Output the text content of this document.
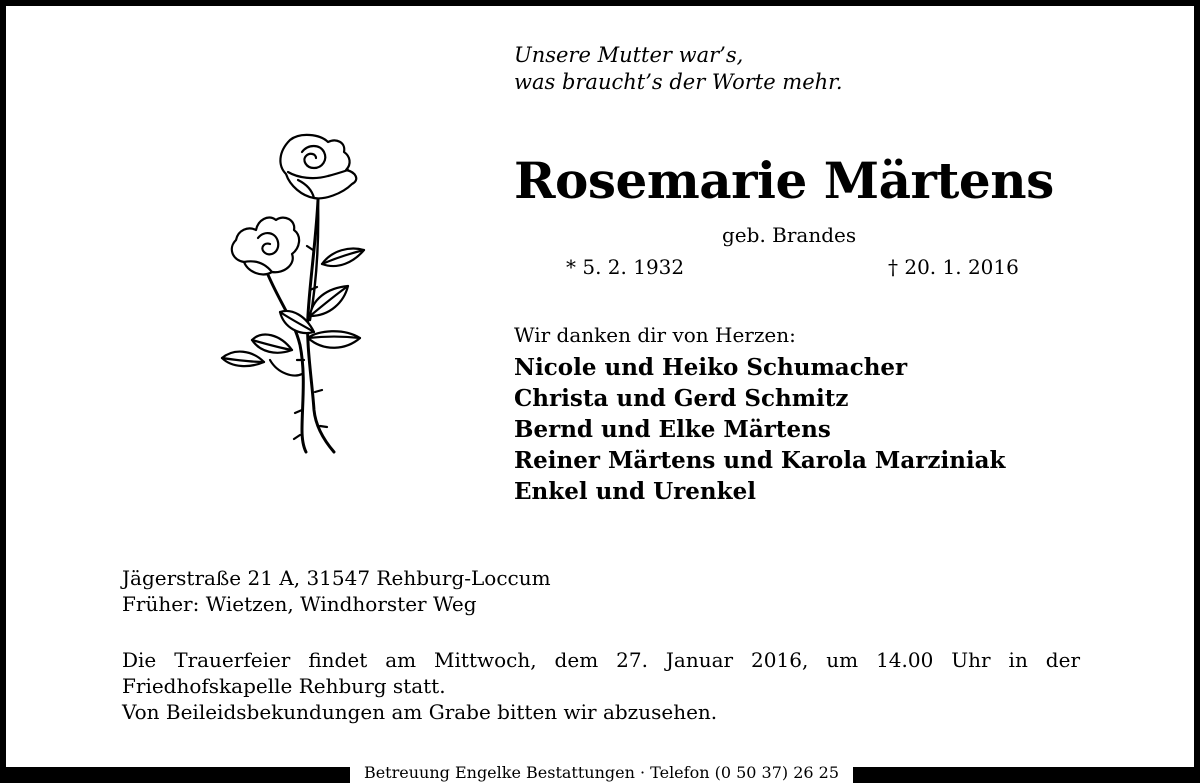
Unsere Mutter war’s,
was braucht’s der Worte mehr.
Rosemarie Märtens
geb. Brandes
* 5. 2. 1932	† 20. 1. 2016
Wir danken dir von Herzen:
Nicole und Heiko Schumacher
Christa und Gerd Schmitz
Bernd und Elke Märtens
Reiner Märtens und Karola Marziniak
Enkel und Urenkel
Jägerstraße 21 A, 31547 Rehburg-Loccum
Früher: Wietzen, Windhorster Weg
Die Trauerfeier findet am Mittwoch, dem 27. Januar 2016, um 14.00 Uhr in der
Friedhofskapelle Rehburg statt.
Von Beileidsbekundungen am Grabe bitten wir abzusehen.
Betreuung Engelke Bestattungen · Telefon (0 50 37) 26 25
